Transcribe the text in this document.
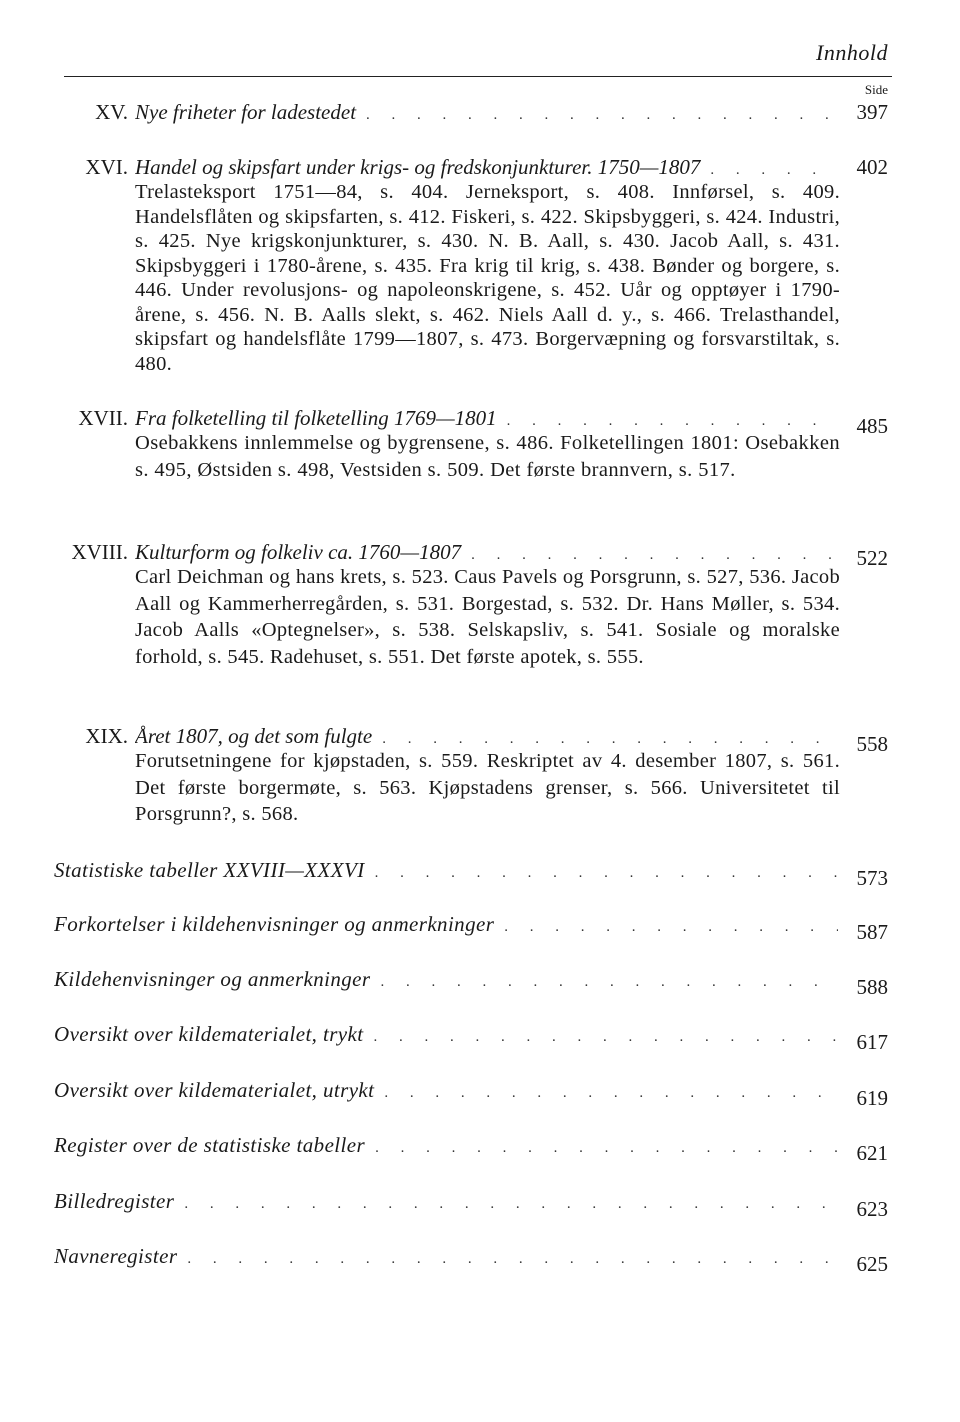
Innhold
Side
XV. Nye friheter for ladestedet . . .	397
XVI. Handel og skipsfart under krigs- og fredskonjunkturer. 1750—1807 . . .	402
Trelasteksport 1751—84, s. 404. Jerneksport, s. 408. Innførsel, s. 409. Handelsflåten og skipsfarten, s. 412. Fiskeri, s. 422. Skipsbyggeri, s. 424. Industri, s. 425. Nye krigskonjunkturer, s. 430. N. B. Aall, s. 430. Jacob Aall, s. 431. Skipsbyggeri i 1780-årene, s. 435. Fra krig til krig, s. 438. Bønder og borgere, s. 446. Under revolusjons- og napoleonskrigene, s. 452. Uår og opptøyer i 1790-årene, s. 456. N. B. Aalls slekt, s. 462. Niels Aall d. y., s. 466. Trelasthandel, skipsfart og handelsflåte 1799—1807, s. 473. Borgervæpning og forsvarstiltak, s. 480.
XVII. Fra folketelling til folketelling 1769—1801 . . .	485
Osebakkens innlemmelse og bygrensene, s. 486. Folketellingen 1801: Osebakken s. 495, Østsiden s. 498, Vestsiden s. 509. Det første brannvern, s. 517.
XVIII. Kulturform og folkeliv ca. 1760—1807 . . .	522
Carl Deichman og hans krets, s. 523. Caus Pavels og Porsgrunn, s. 527, 536. Jacob Aall og Kammerherregården, s. 531. Borgestad, s. 532. Dr. Hans Møller, s. 534. Jacob Aalls «Optegnelser», s. 538. Selskapsliv, s. 541. Sosiale og moralske forhold, s. 545. Radehuset, s. 551. Det første apotek, s. 555.
XIX. Året 1807, og det som fulgte . . .	558
Forutsetningene for kjøpstaden, s. 559. Reskriptet av 4. desember 1807, s. 561. Det første borgermøte, s. 563. Kjøpstadens grenser, s. 566. Universitetet til Porsgrunn?, s. 568.
Statistiske tabeller XXVIII—XXXVI . . .	573
Forkortelser i kildehenvisninger og anmerkninger . . .	587
Kildehenvisninger og anmerkninger . . .	588
Oversikt over kildematerialet, trykt . . .	617
Oversikt over kildematerialet, utrykt . . .	619
Register over de statistiske tabeller . . .	621
Billedregister . . .	623
Navneregister . . .	625
